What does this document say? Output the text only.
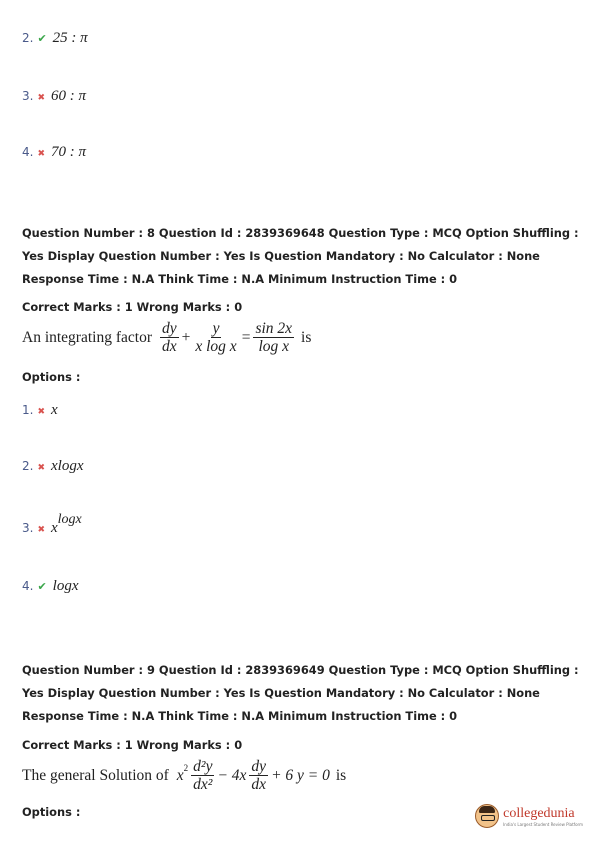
2. ✔ 25 : π
3. ✖ 60 : π
4. ✖ 70 : π
Question Number : 8 Question Id : 2839369648 Question Type : MCQ Option Shuffling : Yes Display Question Number : Yes Is Question Mandatory : No Calculator : None Response Time : N.A Think Time : N.A Minimum Instruction Time : 0
Correct Marks : 1 Wrong Marks : 0
An integrating factor $\frac{dy}{dx} + \frac{y}{\text{x log x}} = \frac{\sin 2x}{\text{log x}}$ is
Options :
1. ✖ x
2. ✖ xlogx
3. ✖ x
logx
4. ✔ logx
Question Number : 9 Question Id : 2839369649 Question Type : MCQ Option Shuffling : Yes Display Question Number : Yes Is Question Mandatory : No Calculator : None Response Time : N.A Think Time : N.A Minimum Instruction Time : 0
Correct Marks : 1 Wrong Marks : 0
The general Solution of x $2 \frac{\text{d²y}}{\text{dx²}} - 4x \frac{dy}{dx} + 6$ y = 0 is
Options :	collegedunia
India's Largest Student Review Platform
